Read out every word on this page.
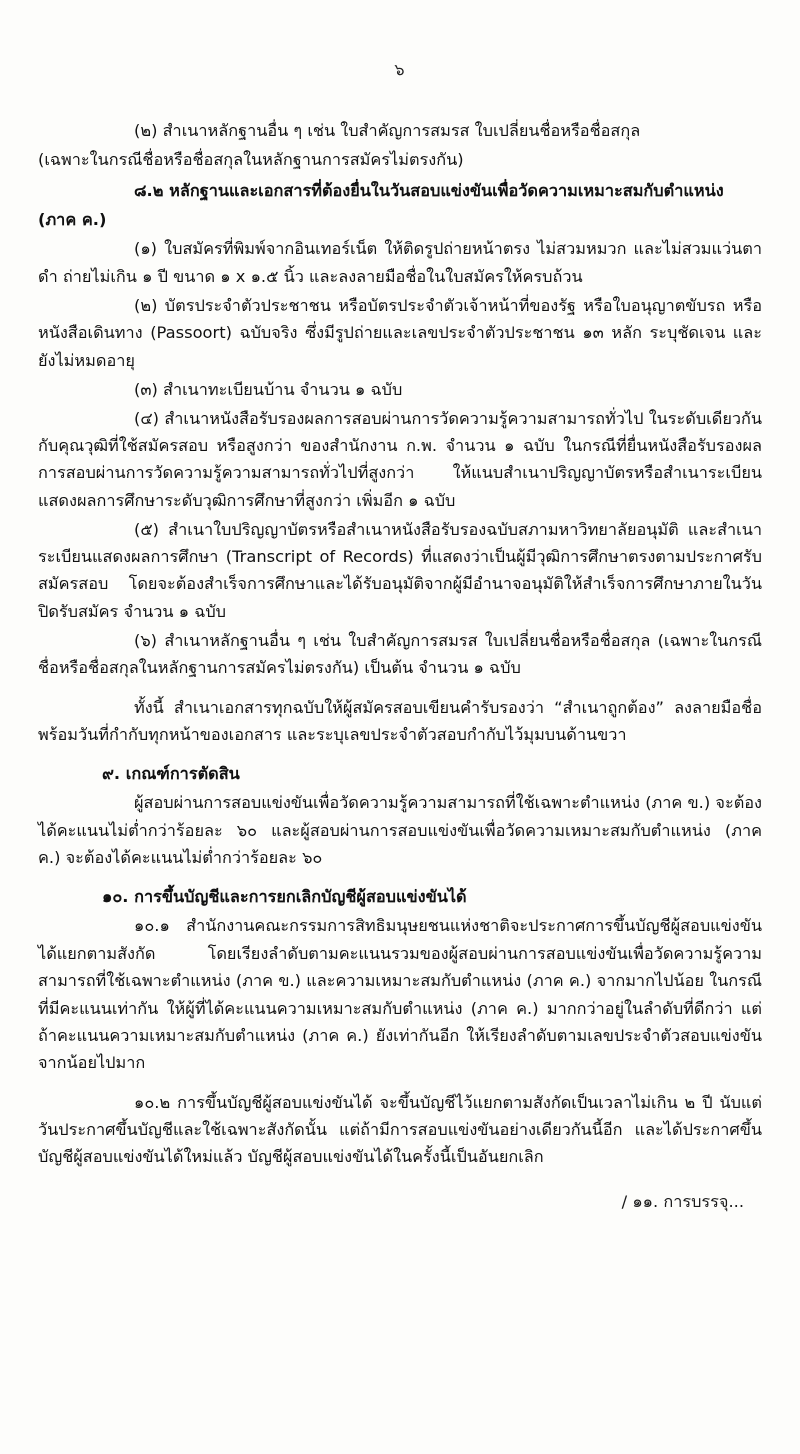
๖

(๒) สำเนาหลักฐานอื่น ๆ เช่น ใบสำคัญการสมรส ใบเปลี่ยนชื่อหรือชื่อสกุล

(เฉพาะในกรณีชื่อหรือชื่อสกุลในหลักฐานการสมัครไม่ตรงกัน)

๘.๒ หลักฐานและเอกสารที่ต้องยื่นในวันสอบแข่งขันเพื่อวัดความเหมาะสมกับตำแหน่ง

(ภาค ค.)

(๑) ใบสมัครที่พิมพ์จากอินเทอร์เน็ต ให้ติดรูปถ่ายหน้าตรง ไม่สวมหมวก และไม่สวมแว่นตาดำ ถ่ายไม่เกิน ๑ ปี ขนาด ๑ x ๑.๕ นิ้ว และลงลายมือชื่อในใบสมัครให้ครบถ้วน

(๒) บัตรประจำตัวประชาชน หรือบัตรประจำตัวเจ้าหน้าที่ของรัฐ หรือใบอนุญาตขับรถ หรือหนังสือเดินทาง (Passoort) ฉบับจริง ซึ่งมีรูปถ่ายและเลขประจำตัวประชาชน ๑๓ หลัก ระบุชัดเจน และยังไม่หมดอายุ

(๓) สำเนาทะเบียนบ้าน จำนวน ๑ ฉบับ

(๔) สำเนาหนังสือรับรองผลการสอบผ่านการวัดความรู้ความสามารถทั่วไป ในระดับเดียวกันกับคุณวุฒิที่ใช้สมัครสอบ หรือสูงกว่า ของสำนักงาน ก.พ. จำนวน ๑ ฉบับ ในกรณีที่ยื่นหนังสือรับรองผลการสอบผ่านการวัดความรู้ความสามารถทั่วไปที่สูงกว่า ให้แนบสำเนาปริญญาบัตรหรือสำเนาระเบียนแสดงผลการศึกษาระดับวุฒิการศึกษาที่สูงกว่า เพิ่มอีก ๑ ฉบับ

(๕) สำเนาใบปริญญาบัตรหรือสำเนาหนังสือรับรองฉบับสภามหาวิทยาลัยอนุมัติ และสำเนาระเบียนแสดงผลการศึกษา (Transcript of Records) ที่แสดงว่าเป็นผู้มีวุฒิการศึกษาตรงตามประกาศรับสมัครสอบ โดยจะต้องสำเร็จการศึกษาและได้รับอนุมัติจากผู้มีอำนาจอนุมัติให้สำเร็จการศึกษาภายในวันปิดรับสมัคร จำนวน ๑ ฉบับ

(๖) สำเนาหลักฐานอื่น ๆ เช่น ใบสำคัญการสมรส ใบเปลี่ยนชื่อหรือชื่อสกุล (เฉพาะในกรณีชื่อหรือชื่อสกุลในหลักฐานการสมัครไม่ตรงกัน) เป็นต้น จำนวน ๑ ฉบับ

ทั้งนี้ สำเนาเอกสารทุกฉบับให้ผู้สมัครสอบเขียนคำรับรองว่า “สำเนาถูกต้อง” ลงลายมือชื่อพร้อมวันที่กำกับทุกหน้าของเอกสาร และระบุเลขประจำตัวสอบกำกับไว้มุมบนด้านขวา

๙. เกณฑ์การตัดสิน

ผู้สอบผ่านการสอบแข่งขันเพื่อวัดความรู้ความสามารถที่ใช้เฉพาะตำแหน่ง (ภาค ข.) จะต้องได้คะแนนไม่ต่ำกว่าร้อยละ ๖๐ และผู้สอบผ่านการสอบแข่งขันเพื่อวัดความเหมาะสมกับตำแหน่ง (ภาค ค.) จะต้องได้คะแนนไม่ต่ำกว่าร้อยละ ๖๐

๑๐. การขึ้นบัญชีและการยกเลิกบัญชีผู้สอบแข่งขันได้

๑๐.๑ สำนักงานคณะกรรมการสิทธิมนุษยชนแห่งชาติจะประกาศการขึ้นบัญชีผู้สอบแข่งขันได้แยกตามสังกัด โดยเรียงลำดับตามคะแนนรวมของผู้สอบผ่านการสอบแข่งขันเพื่อวัดความรู้ความสามารถที่ใช้เฉพาะตำแหน่ง (ภาค ข.) และความเหมาะสมกับตำแหน่ง (ภาค ค.) จากมากไปน้อย ในกรณีที่มีคะแนนเท่ากัน ให้ผู้ที่ได้คะแนนความเหมาะสมกับตำแหน่ง (ภาค ค.) มากกว่าอยู่ในลำดับที่ดีกว่า แต่ถ้าคะแนนความเหมาะสมกับตำแหน่ง (ภาค ค.) ยังเท่ากันอีก ให้เรียงลำดับตามเลขประจำตัวสอบแข่งขันจากน้อยไปมาก

๑๐.๒ การขึ้นบัญชีผู้สอบแข่งขันได้ จะขึ้นบัญชีไว้แยกตามสังกัดเป็นเวลาไม่เกิน ๒ ปี นับแต่วันประกาศขึ้นบัญชีและใช้เฉพาะสังกัดนั้น แต่ถ้ามีการสอบแข่งขันอย่างเดียวกันนี้อีก และได้ประกาศขึ้นบัญชีผู้สอบแข่งขันได้ใหม่แล้ว บัญชีผู้สอบแข่งขันได้ในครั้งนี้เป็นอันยกเลิก

/ ๑๑. การบรรจุ...
